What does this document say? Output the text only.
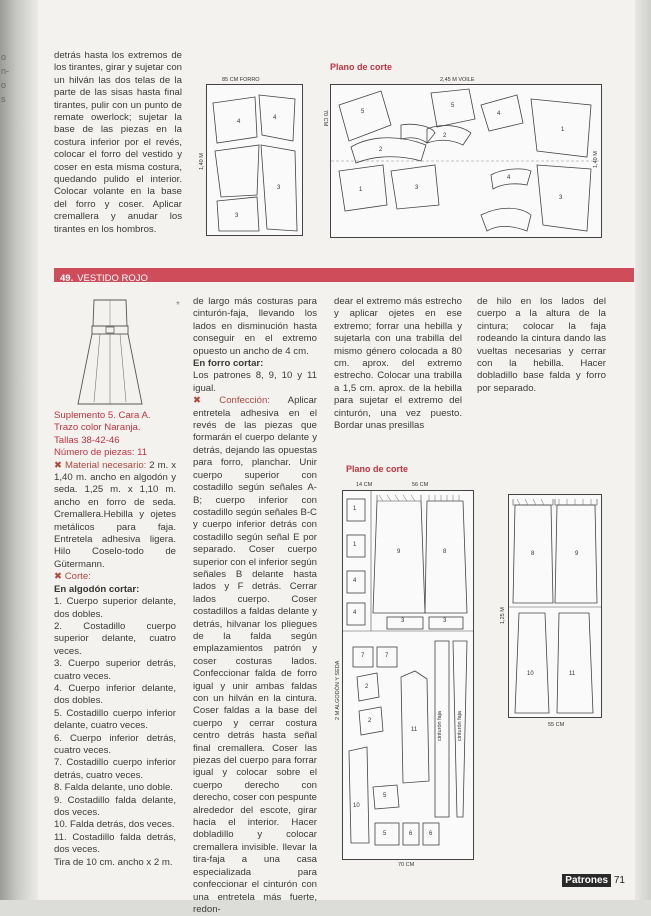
o
n-
o
s

detrás hasta los extremos de los tirantes, girar y sujetar con un hilván las dos telas de la parte de las sisas hasta final tirantes, pulir con un punto de remate owerlock; sujetar la base de las piezas en la costura inferior por el revés, colocar el forro del vestido y coser en esta misma costura, quedando pulido el interior. Colocar volante en la base del forro y coser. Aplicar cremallera y anudar los tirantes en los hombros.

Plano de corte
4
4
3
3
85 CM FORRO
1,40 M
5
5
2
2
1
1
3
3
4
4
2,45 M VOILE
70 CM
1,40 M
49. VESTIDO ROJO
*

Suplemento 5. Cara A.

Trazo color Naranja.

Tallas 38-42-46

Número de piezas: 11

✖ Material necesario: 2 m. x 1,40 m. ancho en algodón y seda. 1,25 m. x 1,10 m. ancho en forro de seda. Cremallera.Hebilla y ojetes metálicos para faja. Entretela adhesiva ligera. Hilo Coselo-todo de Gütermann.

✖ Corte:

En algodón cortar:

1. Cuerpo superior delante, dos dobles.

2. Costadillo cuerpo superior delante, cuatro veces.

3. Cuerpo superior detrás, cuatro veces.

4. Cuerpo inferior delante, dos dobles.

5. Costadillo cuerpo inferior delante, cuatro veces.

6. Cuerpo inferior detrás, cuatro veces.

7. Costadillo cuerpo inferior detrás, cuatro veces.

8. Falda delante, uno doble.

9. Costadillo falda delante, dos veces.

10. Falda detrás, dos veces.

11. Costadillo falda detrás, dos veces.

Tira de 10 cm. ancho x 2 m.

de largo más costuras para cinturón-faja, llevando los lados en disminución hasta conseguir en el extremo opuesto un ancho de 4 cm.

En forro cortar:

Los patrones 8, 9, 10 y 11 igual.

✖ Confección: Aplicar entretela adhesiva en el revés de las piezas que formarán el cuerpo delante y detrás, dejando las opuestas para forro, planchar. Unir cuerpo superior con costadillo según señales A-B; cuerpo inferior con costadillo según señales B-C y cuerpo inferior detrás con costadillo según señal E por separado. Coser cuerpo superior con el inferior según señales B delante hasta lados y F detrás. Cerrar lados cuerpo. Coser costadillos a faldas delante y detrás, hilvanar los pliegues de la falda según emplazamientos patrón y coser costuras lados. Confeccionar falda de forro igual y unir ambas faldas con un hilván en la cintura. Coser faldas a la base del cuerpo y cerrar costura centro detrás hasta señal final cremallera. Coser las piezas del cuerpo para forrar igual y colocar sobre el cuerpo derecho con derecho, coser con pespunte alrededor del escote, girar hacia el interior. Hacer dobladillo y colocar cremallera invisible. llevar la tira-faja a una casa especializada para confeccionar el cinturón con una entretela más fuerte, redon-

dear el extremo más estrecho y aplicar ojetes en ese extremo; forrar una hebilla y sujetarla con una trabilla del mismo género colocada a 80 cm. aprox. del extremo estrecho. Colocar una trabilla a 1,5 cm. aprox. de la hebilla para sujetar el extremo del cinturón, una vez puesto. Bordar unas presillas

de hilo en los lados del cuerpo a la altura de la cintura; colocar la faja rodeando la cintura dando las vueltas necesarias y cerrar con la hebilla. Hacer dobladillo base falda y forro por separado.

Plano de corte
14 CM	56 CM
1
1
4
4
9	8
3	3
7	7
2
2
11
10
5
5	6	6
cinturón faja	cinturón faja
2 M ALGODÓN Y SEDA
70 CM
8	9
10	11
1,25 M
55 CM
Patrones 71
